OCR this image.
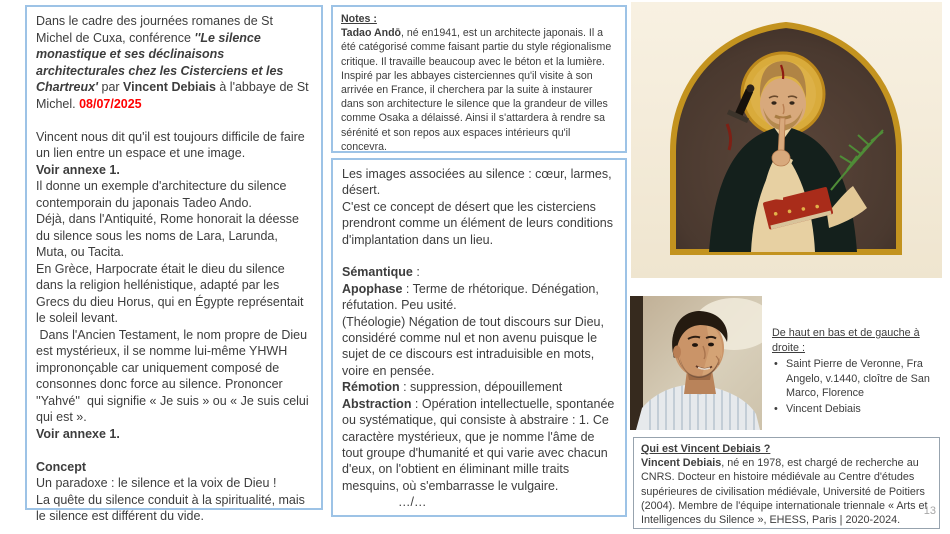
Dans le cadre des journées romanes de St Michel de Cuxa, conférence ''Le silence monastique et ses déclinaisons architecturales chez les Cisterciens et les Chartreux' par Vincent Debiais à l'abbaye de St Michel. 08/07/2025

Vincent nous dit qu'il est toujours difficile de faire un lien entre un espace et une image.
Voir annexe 1.
Il donne un exemple d'architecture du silence contemporain du japonais Tadeo Ando.
Déjà, dans l'Antiquité, Rome honorait la déesse du silence sous les noms de Lara, Larunda, Muta, ou Tacita.
En Grèce, Harpocrate était le dieu du silence dans la religion hellénistique, adapté par les Grecs du dieu Horus, qui en Égypte représentait le soleil levant.
Dans l'Ancien Testament, le nom propre de Dieu est mystérieux, il se nomme lui-même YHWH imprononçable car uniquement composé de consonnes donc force au silence. Prononcer ''Yahvé''  qui signifie « Je suis » ou « Je suis celui qui est ».
Voir annexe 1.

Concept
Un paradoxe : le silence et la voix de Dieu !
La quête du silence conduit à la spiritualité, mais le silence est différent du vide.
Notes :
Tadao Andō, né en1941, est un architecte japonais. Il a été catégorisé comme faisant partie du style régionalisme critique. Il travaille beaucoup avec le béton et la lumière. Inspiré par les abbayes cisterciennes qu'il visite à son arrivée en France, il cherchera par la suite à instaurer dans son architecture le silence que la grandeur de villes comme Osaka a délaissé. Ainsi il s'attardera à rendre sa sérénité et son repos aux espaces intérieurs qu'il concevra.
Les images associées au silence : cœur, larmes, désert.
C'est ce concept de désert que les cisterciens prendront comme un élément de leurs conditions d'implantation dans un lieu.

Sémantique :
Apophase : Terme de rhétorique. Dénégation, réfutation. Peu usité.
(Théologie) Négation de tout discours sur Dieu, considéré comme nul et non avenu puisque le sujet de ce discours est intraduisible en mots, voire en pensée.
Rémotion : suppression, dépouillement
Abstraction : Opération intellectuelle, spontanée ou systématique, qui consiste à abstraire : 1. Ce caractère mystérieux, que je nomme l'âme de tout groupe d'humanité et qui varie avec chacun d'eux, on l'obtient en éliminant mille traits mesquins, où s'embarrasse le vulgaire.
…/…
De haut en bas et de gauche à droite :
• Saint Pierre de Veronne, Fra Angelo, v.1440, cloître de San Marco, Florence
• Vincent Debiais
Qui est Vincent Debiais ?
Vincent Debiais, né en 1978, est chargé de recherche au CNRS. Docteur en histoire médiévale au Centre d'études supérieures de civilisation médiévale, Université de Poitiers (2004). Membre de l'équipe internationale triennale « Arts et Intelligences du Silence », EHESS, Paris | 2020-2024.
13
